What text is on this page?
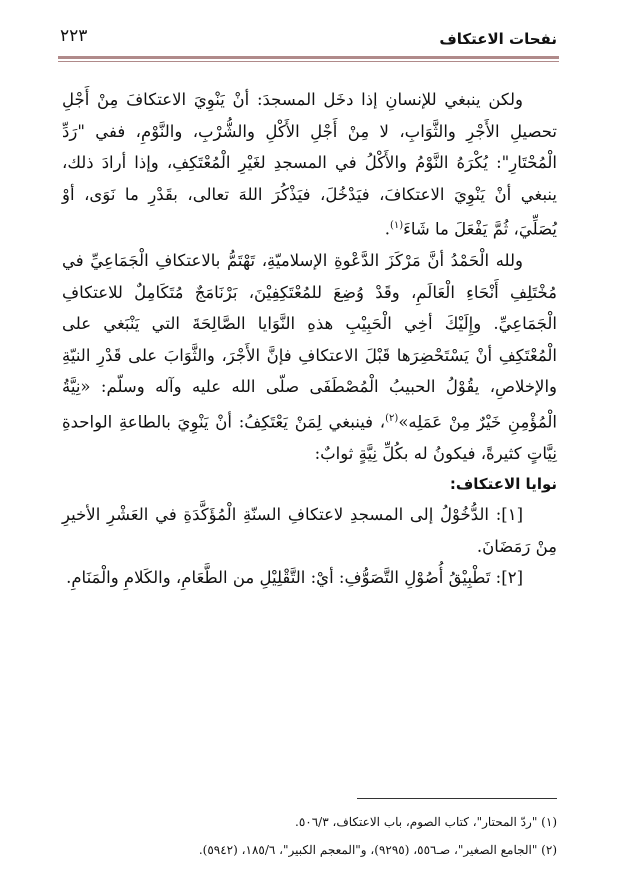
نفحات الاعتكاف
٢٢٣

ولكن ينبغي للإنسانِ إذا دخَل المسجدَ: أنْ يَنْوِيَ الاعتكافَ مِنْ أَجْلِ تحصيلِ الأَجْرِ والثَّوَابِ، لا مِنْ أَجْلِ الأَكْلِ والشُّرْبِ، والنَّوْمِ، ففي "رَدِّ الْمُحْتَارِ": يُكْرَهُ النَّوْمُ والأَكْلُ في المسجدِ لغَيْرِ الْمُعْتَكِفِ، وإذا أرادَ ذلك، ينبغي أنْ يَنْوِيَ الاعتكافَ، فيَدْخُلَ، فيَذْكُرَ اللهَ تعالى، بقَدْرِ ما نَوَى، أوْ يُصَلِّيَ، ثُمَّ يَفْعَلَ ما شَاءَ$^{(١)}$.

ولله الْحَمْدُ أنَّ مَرْكَزَ الدَّعْوةِ الإسلاميّةِ، تَهْتَمُّ بالاعتكافِ الْجَمَاعِيِّ في مُخْتَلِفِ أَنْحَاءِ الْعَالَمِ، وقَدْ وُضِعَ للمُعْتَكِفِيْنَ، بَرْنَامَجٌ مُتَكَامِلٌ للاعتكافِ الْجَمَاعِيِّ. وإِلَيْكَ أخِي الْحَبِيْبِ هذهِ النَّوَايا الصَّالِحَةَ التي يَنْبَغي على الْمُعْتَكِفِ أنْ يَسْتَحْضِرَها قَبْلَ الاعتكافِ فإنَّ الأَجْرَ، والثَّوَابَ على قَدْرِ النيّةِ والإخلاصِ، يقُوْلُ الحبيبُ الْمُصْطَفَى صلّى الله عليه وآله وسلّم: «نِيَّةُ الْمُؤْمِنِ خَيْرٌ مِنْ عَمَلِه»$^{(٢)}$، فينبغي لِمَنْ يَعْتَكِفُ: أنْ يَنْوِيَ بالطاعةِ الواحدةِ نِيَّاتٍ كثيرةً، فيكونُ له بكُلِّ نِيَّةٍ ثوابٌ:

نوايا الاعتكاف:

[١]: الدُّخُوْلُ إلى المسجدِ لاعتكافِ السنّةِ الْمُؤَكَّدَةِ في العَشْرِ الأخيرِ مِنْ رَمَضَانَ.

[٢]: تَطْبِيْقُ أُصُوْلِ التَّصَوُّفِ: أيْ: التَّقْلِيْلِ من الطَّعَامِ، والكَلامِ والْمَنَامِ.

(١) "ردّ المحتار"، كتاب الصوم، باب الاعتكاف، ٥٠٦/٣.
(٢) "الجامع الصغير"، صـ٥٥٦، (٩٢٩٥)، و"المعجم الكبير"، ١٨٥/٦، (٥٩٤٢).
